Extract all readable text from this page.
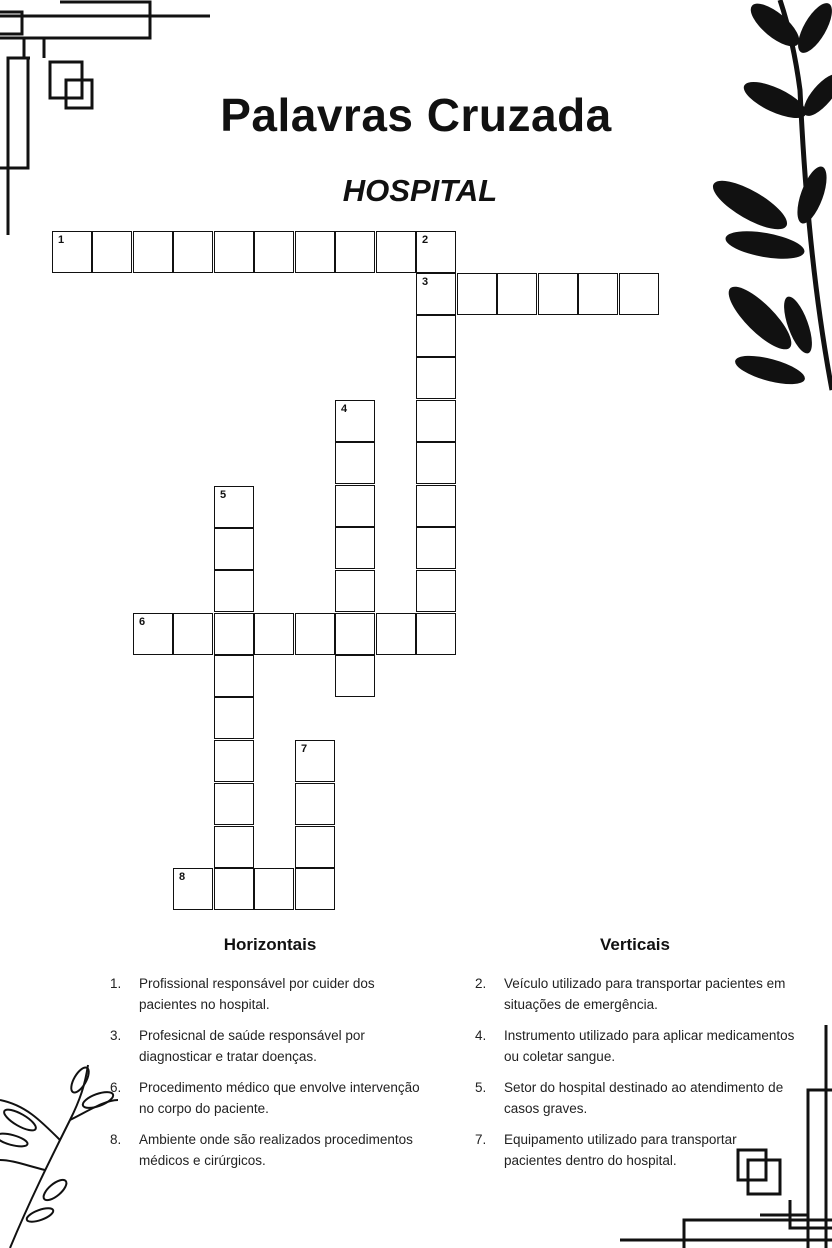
Palavras Cruzada
HOSPITAL
1	2
3
4
5
6
7
8
Horizontais
1.	Profissional responsável por cuider dos pacientes no hospital.
3.	Profesicnal de saúde responsável por diagnosticar e tratar doenças.
6.	Procedimento médico que envolve intervenção no corpo do paciente.
8.	Ambiente onde são realizados procedimentos médicos e cirúrgicos.
Verticais
2.	Veículo utilizado para transportar pacientes em situações de emergência.
4.	Instrumento utilizado para aplicar medicamentos ou coletar sangue.
5.	Setor do hospital destinado ao atendimento de casos graves.
7.	Equipamento utilizado para transportar pacientes dentro do hospital.
